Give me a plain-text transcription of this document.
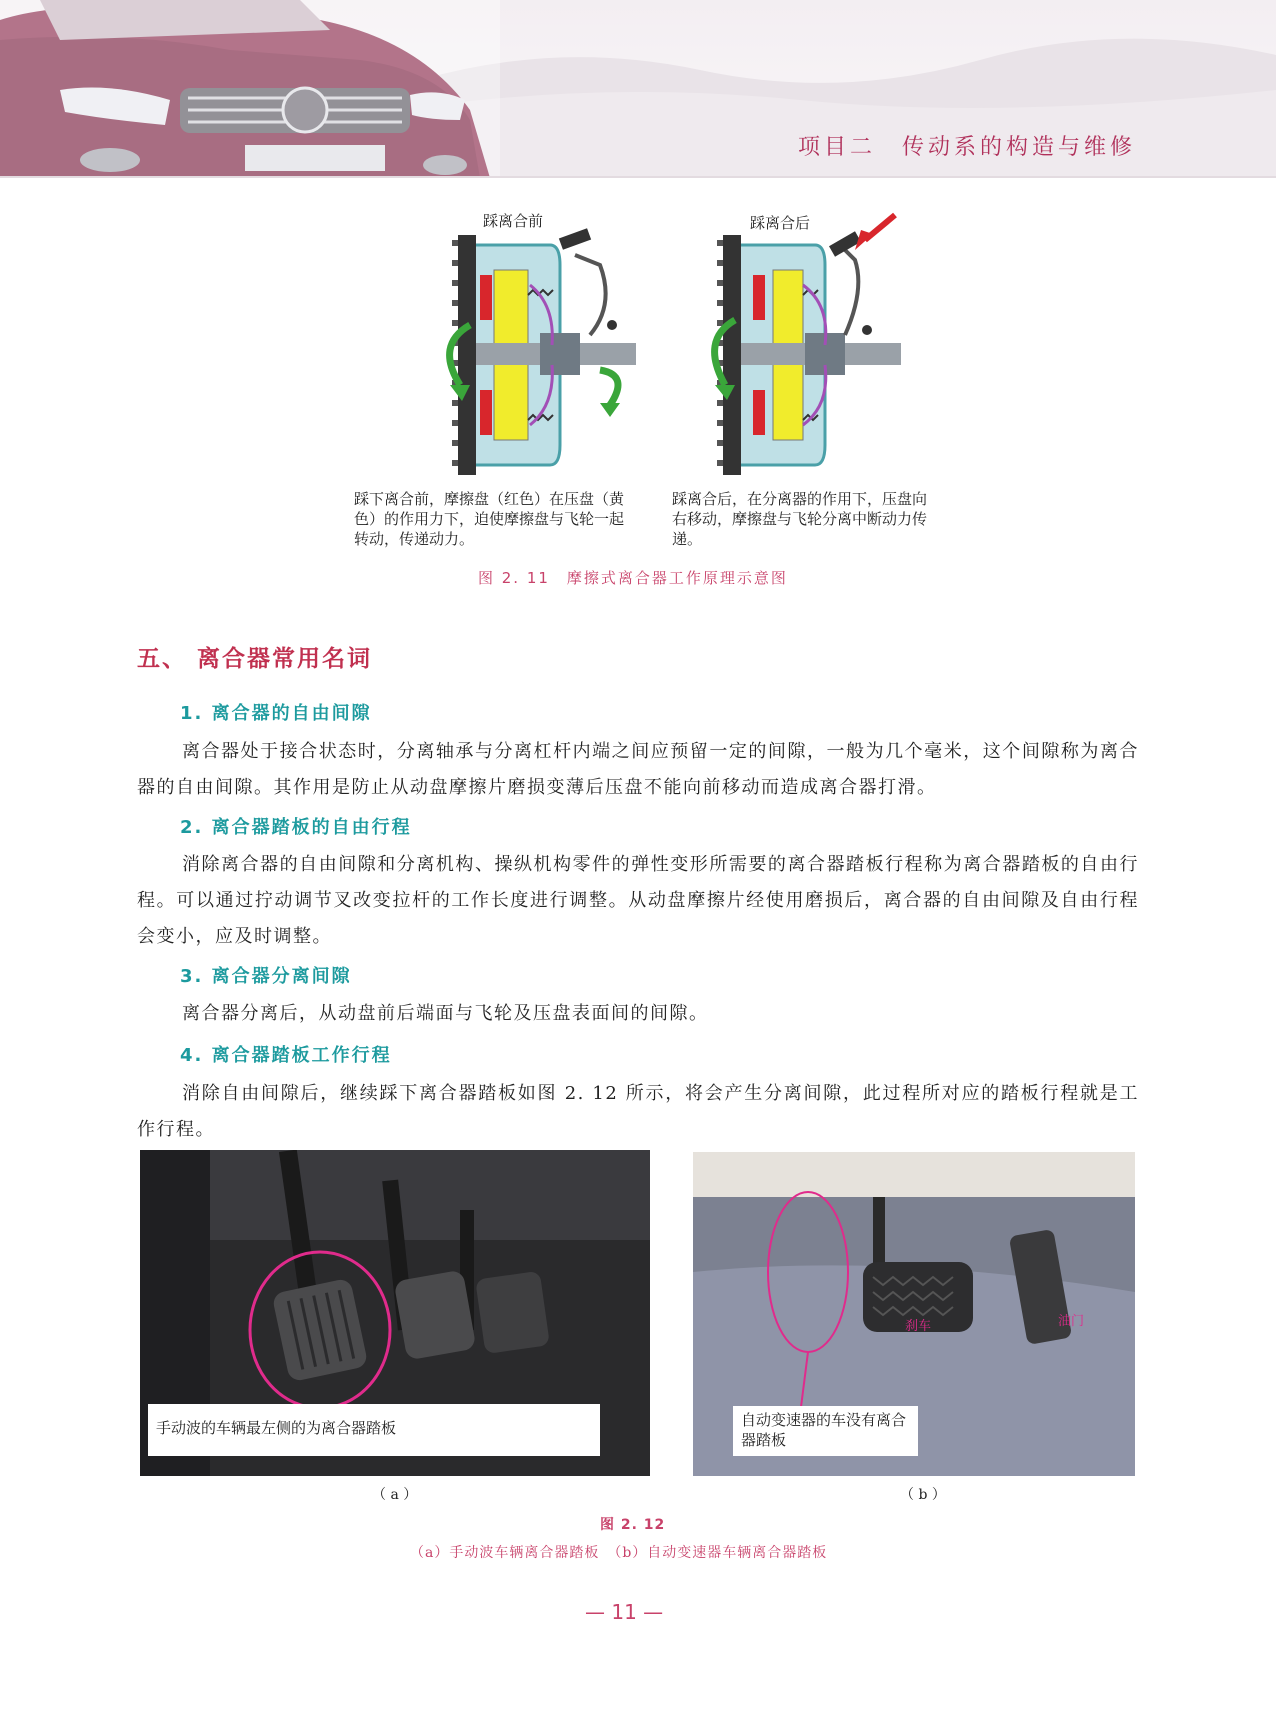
项目二　传动系的构造与维修
踩离合前	踩离合后
踩下离合前，摩擦盘（红色）在压盘（黄色）的作用力下，迫使摩擦盘与飞轮一起转动，传递动力。
踩离合后，在分离器的作用下，压盘向右移动，摩擦盘与飞轮分离中断动力传递。
图 2. 11　摩擦式离合器工作原理示意图
五、 离合器常用名词
1. 离合器的自由间隙
离合器处于接合状态时，分离轴承与分离杠杆内端之间应预留一定的间隙，一般为几个毫米，这个间隙称为离合器的自由间隙。其作用是防止从动盘摩擦片磨损变薄后压盘不能向前移动而造成离合器打滑。
2. 离合器踏板的自由行程
消除离合器的自由间隙和分离机构、操纵机构零件的弹性变形所需要的离合器踏板行程称为离合器踏板的自由行程。可以通过拧动调节叉改变拉杆的工作长度进行调整。从动盘摩擦片经使用磨损后，离合器的自由间隙及自由行程会变小，应及时调整。
3. 离合器分离间隙
离合器分离后，从动盘前后端面与飞轮及压盘表面间的间隙。
4. 离合器踏板工作行程
消除自由间隙后，继续踩下离合器踏板如图 2. 12 所示，将会产生分离间隙，此过程所对应的踏板行程就是工作行程。
手动波的车辆最左侧的为离合器踏板
刹车	油门
自动变速器的车没有离合器踏板
（ a ）	（ b ）
图 2. 12
（a）手动波车辆离合器踏板　（b）自动变速器车辆离合器踏板
— 11 —
